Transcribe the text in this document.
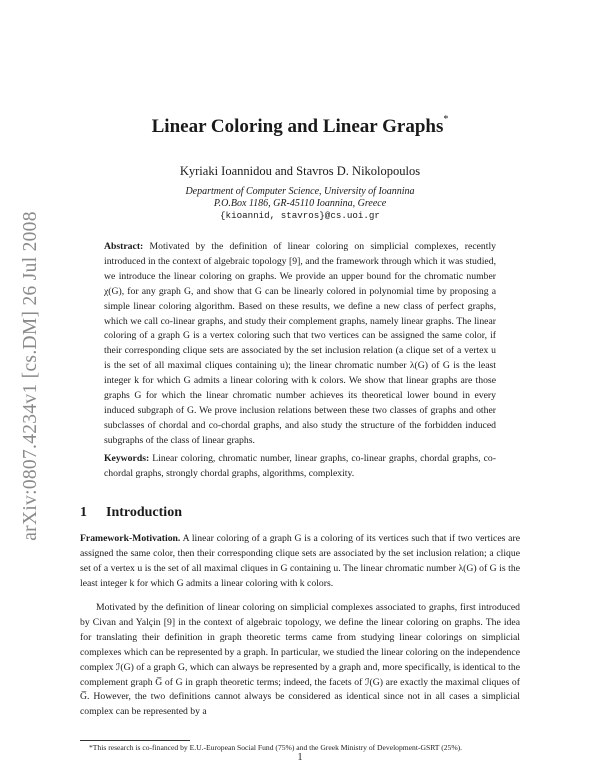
arXiv:0807.4234v1 [cs.DM] 26 Jul 2008
Linear Coloring and Linear Graphs*
Kyriaki Ioannidou and Stavros D. Nikolopoulos
Department of Computer Science, University of Ioannina
P.O.Box 1186, GR-45110 Ioannina, Greece
{kioannid, stavros}@cs.uoi.gr

Abstract: Motivated by the definition of linear coloring on simplicial complexes, recently introduced in the context of algebraic topology [9], and the framework through which it was studied, we introduce the linear coloring on graphs. We provide an upper bound for the chromatic number χ(G), for any graph G, and show that G can be linearly colored in polynomial time by proposing a simple linear coloring algorithm. Based on these results, we define a new class of perfect graphs, which we call co-linear graphs, and study their complement graphs, namely linear graphs. The linear coloring of a graph G is a vertex coloring such that two vertices can be assigned the same color, if their corresponding clique sets are associated by the set inclusion relation (a clique set of a vertex u is the set of all maximal cliques containing u); the linear chromatic number λ(G) of G is the least integer k for which G admits a linear coloring with k colors. We show that linear graphs are those graphs G for which the linear chromatic number achieves its theoretical lower bound in every induced subgraph of G. We prove inclusion relations between these two classes of graphs and other subclasses of chordal and co-chordal graphs, and also study the structure of the forbidden induced subgraphs of the class of linear graphs.

Keywords: Linear coloring, chromatic number, linear graphs, co-linear graphs, chordal graphs, co-chordal graphs, strongly chordal graphs, algorithms, complexity.

1 Introduction

Framework-Motivation. A linear coloring of a graph G is a coloring of its vertices such that if two vertices are assigned the same color, then their corresponding clique sets are associated by the set inclusion relation; a clique set of a vertex u is the set of all maximal cliques in G containing u. The linear chromatic number λ(G) of G is the least integer k for which G admits a linear coloring with k colors.

Motivated by the definition of linear coloring on simplicial complexes associated to graphs, first introduced by Civan and Yalçin [9] in the context of algebraic topology, we define the linear coloring on graphs. The idea for translating their definition in graph theoretic terms came from studying linear colorings on simplicial complexes which can be represented by a graph. In particular, we studied the linear coloring on the independence complex ℐ(G) of a graph G, which can always be represented by a graph and, more specifically, is identical to the complement graph G̅ of G in graph theoretic terms; indeed, the facets of ℐ(G) are exactly the maximal cliques of G̅. However, the two definitions cannot always be considered as identical since not in all cases a simplicial complex can be represented by a

*This research is co-financed by E.U.-European Social Fund (75%) and the Greek Ministry of Development-GSRT (25%).

1
